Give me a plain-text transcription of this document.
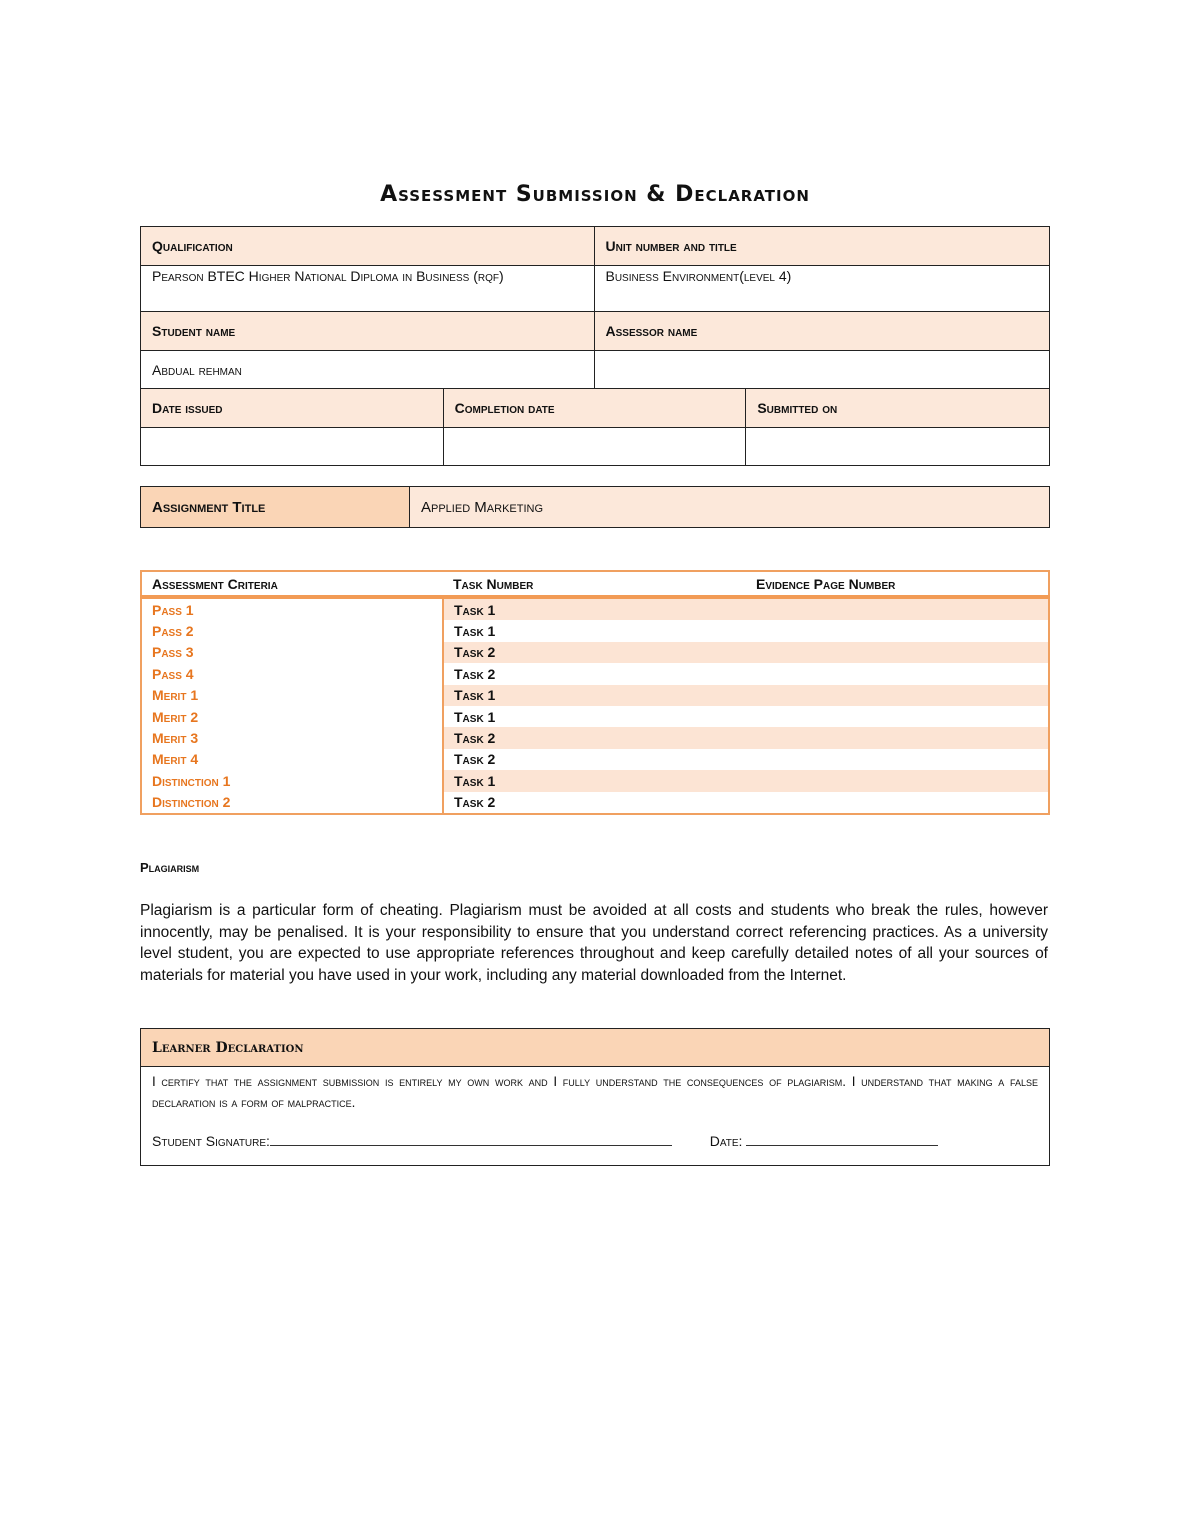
Assessment Submission & Declaration
Qualification		Unit number and title	
Pearson BTEC Higher National Diploma in Business (rqf)		Business Environment(level 4)	
Student name		Assessor name	
Abdual rehman			
Date issued	Completion date		Submitted on

Assignment Title	Applied Marketing
Assessment Criteria	Task Number	Evidence Page Number
Pass 1	Task 1	
Pass 2	Task 1	
Pass 3	Task 2	
Pass 4	Task 2	
Merit 1	Task 1	
Merit 2	Task 1	
Merit 3	Task 2	
Merit 4	Task 2	
Distinction 1	Task 1	
Distinction 2	Task 2	
Plagiarism
Plagiarism is a particular form of cheating. Plagiarism must be avoided at all costs and students who break the rules, however innocently, may be penalised. It is your responsibility to ensure that you understand correct referencing practices. As a university level student, you are expected to use appropriate references throughout and keep carefully detailed notes of all your sources of materials for material you have used in your work, including any material downloaded from the Internet.
Learner Declaration
I certify that the assignment submission is entirely my own work and I fully understand the consequences of plagiarism. I understand that making a false declaration is a form of malpractice.
Student Signature:	Date:
